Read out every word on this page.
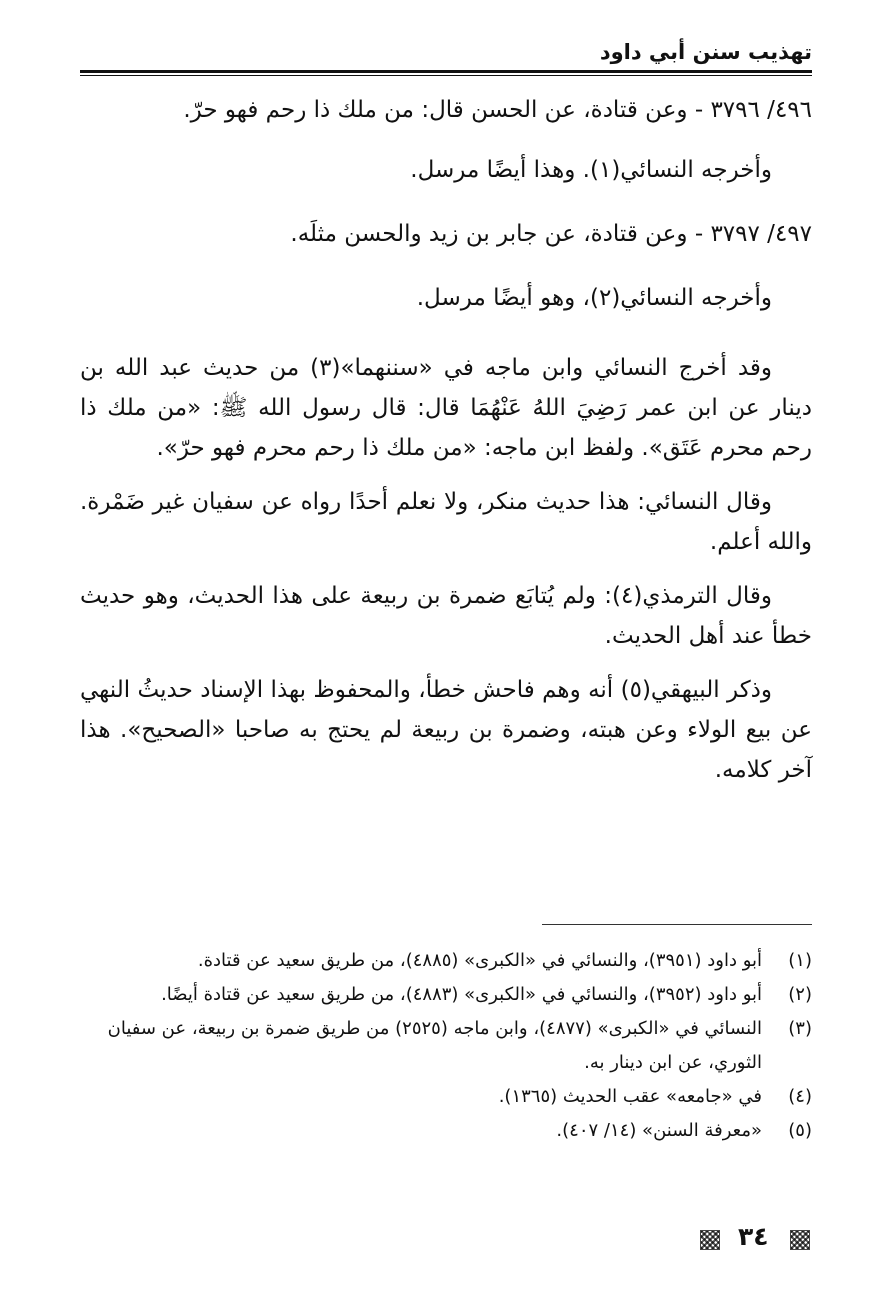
تهذيب سنن أبي داود
٤٩٦/ ٣٧٩٦ - وعن قتادة، عن الحسن قال: من ملك ذا رحم فهو حرّ.
وأخرجه النسائي(١). وهذا أيضًا مرسل.
٤٩٧/ ٣٧٩٧ - وعن قتادة، عن جابر بن زيد والحسن مثلَه.
وأخرجه النسائي(٢)، وهو أيضًا مرسل.

وقد أخرج النسائي وابن ماجه في «سننهما»(٣) من حديث عبد الله بن دينار عن ابن عمر رَضِيَ اللهُ عَنْهُمَا قال: قال رسول الله ﷺ: «من ملك ذا رحم محرم عَتَق». ولفظ ابن ماجه: «من ملك ذا رحم محرم فهو حرّ».

وقال النسائي: هذا حديث منكر، ولا نعلم أحدًا رواه عن سفيان غير ضَمْرة. والله أعلم.

وقال الترمذي(٤): ولم يُتابَع ضمرة بن ربيعة على هذا الحديث، وهو حديث خطأ عند أهل الحديث.

وذكر البيهقي(٥) أنه وهم فاحش خطأ، والمحفوظ بهذا الإسناد حديثُ النهي عن بيع الولاء وعن هبته، وضمرة بن ربيعة لم يحتج به صاحبا «الصحيح». هذا آخر كلامه.

(١)
أبو داود (٣٩٥١)، والنسائي في «الكبرى» (٤٨٨٥)، من طريق سعيد عن قتادة.

(٢)
أبو داود (٣٩٥٢)، والنسائي في «الكبرى» (٤٨٨٣)، من طريق سعيد عن قتادة أيضًا.

(٣)
النسائي في «الكبرى» (٤٨٧٧)، وابن ماجه (٢٥٢٥) من طريق ضمرة بن ربيعة، عن سفيان الثوري، عن ابن دينار به.

(٤)
في «جامعه» عقب الحديث (١٣٦٥).

(٥)
«معرفة السنن» (١٤/ ٤٠٧).

٣٤
